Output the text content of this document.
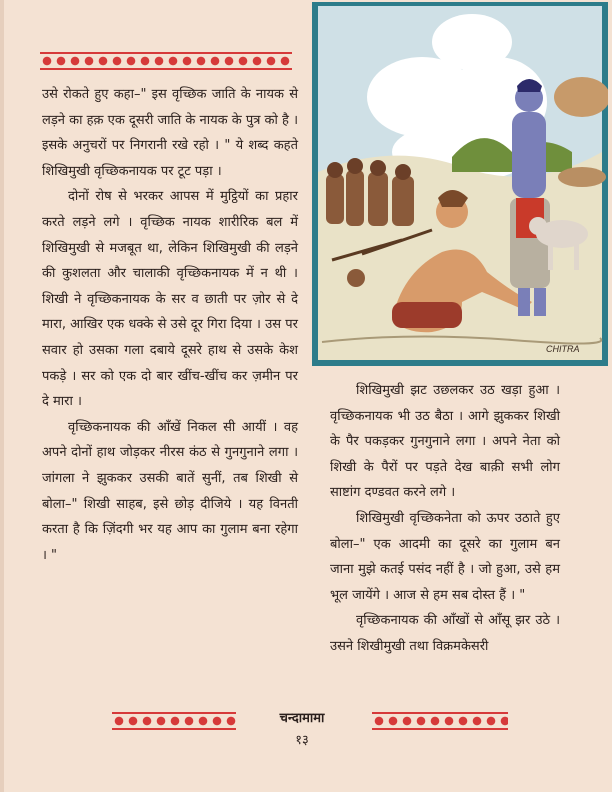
उसे रोकते हुए कहा–" इस वृच्छिक जाति के नायक से लड़ने का हक़ एक दूसरी जाति के नायक के पुत्र को है । इसके अनुचरों पर निगरानी रखे रहो । " ये शब्द कहते शिखिमुखी वृच्छिकनायक पर टूट पड़ा ।

दोनों रोष से भरकर आपस में मुट्ठियों का प्रहार करते लड़ने लगे । वृच्छिक नायक शारीरिक बल में शिखिमुखी से मजबूत था, लेकिन शिखिमुखी की लड़ने की कुशलता और चालाकी वृच्छिकनायक में न थी । शिखी ने वृच्छिकनायक के सर व छाती पर ज़ोर से दे मारा, आखिर एक धक्के से उसे दूर गिरा दिया । उस पर सवार हो उसका गला दबाये दूसरे हाथ से उसके केश पकड़े । सर को एक दो बार खींच-खींच कर ज़मीन पर दे मारा ।

वृच्छिकनायक की आँखें निकल सी आयीं । वह अपने दोनों हाथ जोड़कर नीरस कंठ से गुनगुनाने लगा । जांगला ने झुककर उसकी बातें सुनीं, तब शिखी से बोला–" शिखी साहब, इसे छोड़ दीजिये । यह विनती करता है कि ज़िंदगी भर यह आप का गुलाम बना रहेगा । "

CHITRA

शिखिमुखी झट उछलकर उठ खड़ा हुआ । वृच्छिकनायक भी उठ बैठा । आगे झुककर शिखी के पैर पकड़कर गुनगुनाने लगा । अपने नेता को शिखी के पैरों पर पड़ते देख बाक़ी सभी लोग साष्टांग दण्डवत करने लगे ।

शिखिमुखी वृच्छिकनेता को ऊपर उठाते हुए बोला–" एक आदमी का दूसरे का गुलाम बन जाना मुझे कतई पसंद नहीं है । जो हुआ, उसे हम भूल जायेंगे । आज से हम सब दोस्त हैं । "

वृच्छिकनायक की आँखों से आँसू झर उठे । उसने शिखीमुखी तथा विक्रमकेसरी

चन्दामामा
१३
